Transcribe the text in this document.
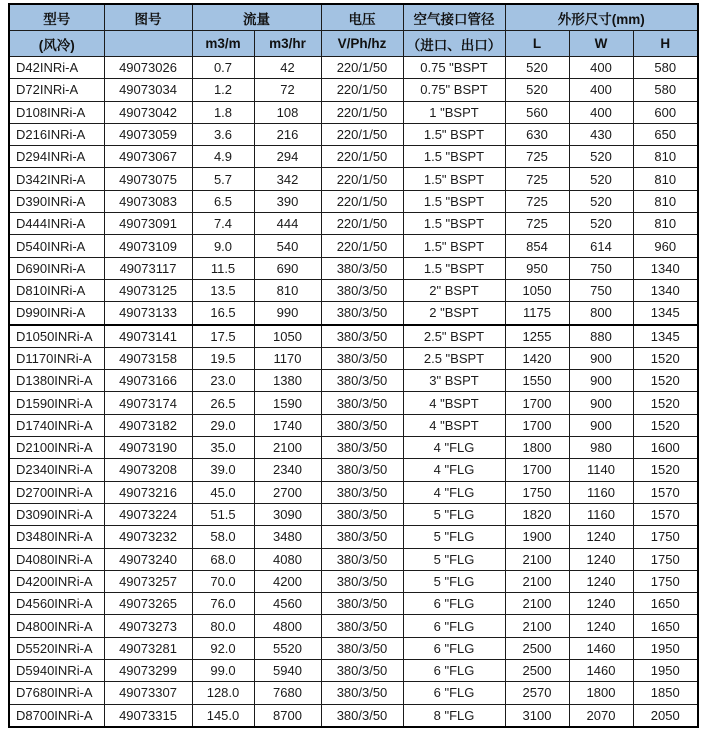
型号	图号	流量		电压	空气接口管径	外形尺寸(mm)		
(风冷)		m3/m	m3/hr	V/Ph/hz	（进口、出口）	L	W	H
D42INRi-A	49073026	0.7	42	220/1/50	0.75 "BSPT	520	400	580
D72INRi-A	49073034	1.2	72	220/1/50	0.75" BSPT	520	400	580
D108INRi-A	49073042	1.8	108	220/1/50	1 "BSPT	560	400	600
D216INRi-A	49073059	3.6	216	220/1/50	1.5" BSPT	630	430	650
D294INRi-A	49073067	4.9	294	220/1/50	1.5 "BSPT	725	520	810
D342INRi-A	49073075	5.7	342	220/1/50	1.5" BSPT	725	520	810
D390INRi-A	49073083	6.5	390	220/1/50	1.5 "BSPT	725	520	810
D444INRi-A	49073091	7.4	444	220/1/50	1.5 "BSPT	725	520	810
D540INRi-A	49073109	9.0	540	220/1/50	1.5" BSPT	854	614	960
D690INRi-A	49073117	11.5	690	380/3/50	1.5 "BSPT	950	750	1340
D810INRi-A	49073125	13.5	810	380/3/50	2" BSPT	1050	750	1340
D990INRi-A	49073133	16.5	990	380/3/50	2 "BSPT	1175	800	1345
D1050INRi-A	49073141	17.5	1050	380/3/50	2.5" BSPT	1255	880	1345
D1170INRi-A	49073158	19.5	1170	380/3/50	2.5 "BSPT	1420	900	1520
D1380INRi-A	49073166	23.0	1380	380/3/50	3" BSPT	1550	900	1520
D1590INRi-A	49073174	26.5	1590	380/3/50	4 "BSPT	1700	900	1520
D1740INRi-A	49073182	29.0	1740	380/3/50	4 "BSPT	1700	900	1520
D2100INRi-A	49073190	35.0	2100	380/3/50	4 "FLG	1800	980	1600
D2340INRi-A	49073208	39.0	2340	380/3/50	4 "FLG	1700	1140	1520
D2700INRi-A	49073216	45.0	2700	380/3/50	4 "FLG	1750	1160	1570
D3090INRi-A	49073224	51.5	3090	380/3/50	5 "FLG	1820	1160	1570
D3480INRi-A	49073232	58.0	3480	380/3/50	5 "FLG	1900	1240	1750
D4080INRi-A	49073240	68.0	4080	380/3/50	5 "FLG	2100	1240	1750
D4200INRi-A	49073257	70.0	4200	380/3/50	5 "FLG	2100	1240	1750
D4560INRi-A	49073265	76.0	4560	380/3/50	6 "FLG	2100	1240	1650
D4800INRi-A	49073273	80.0	4800	380/3/50	6 "FLG	2100	1240	1650
D5520INRi-A	49073281	92.0	5520	380/3/50	6 "FLG	2500	1460	1950
D5940INRi-A	49073299	99.0	5940	380/3/50	6 "FLG	2500	1460	1950
D7680INRi-A	49073307	128.0	7680	380/3/50	6 "FLG	2570	1800	1850
D8700INRi-A	49073315	145.0	8700	380/3/50	8 "FLG	3100	2070	2050
